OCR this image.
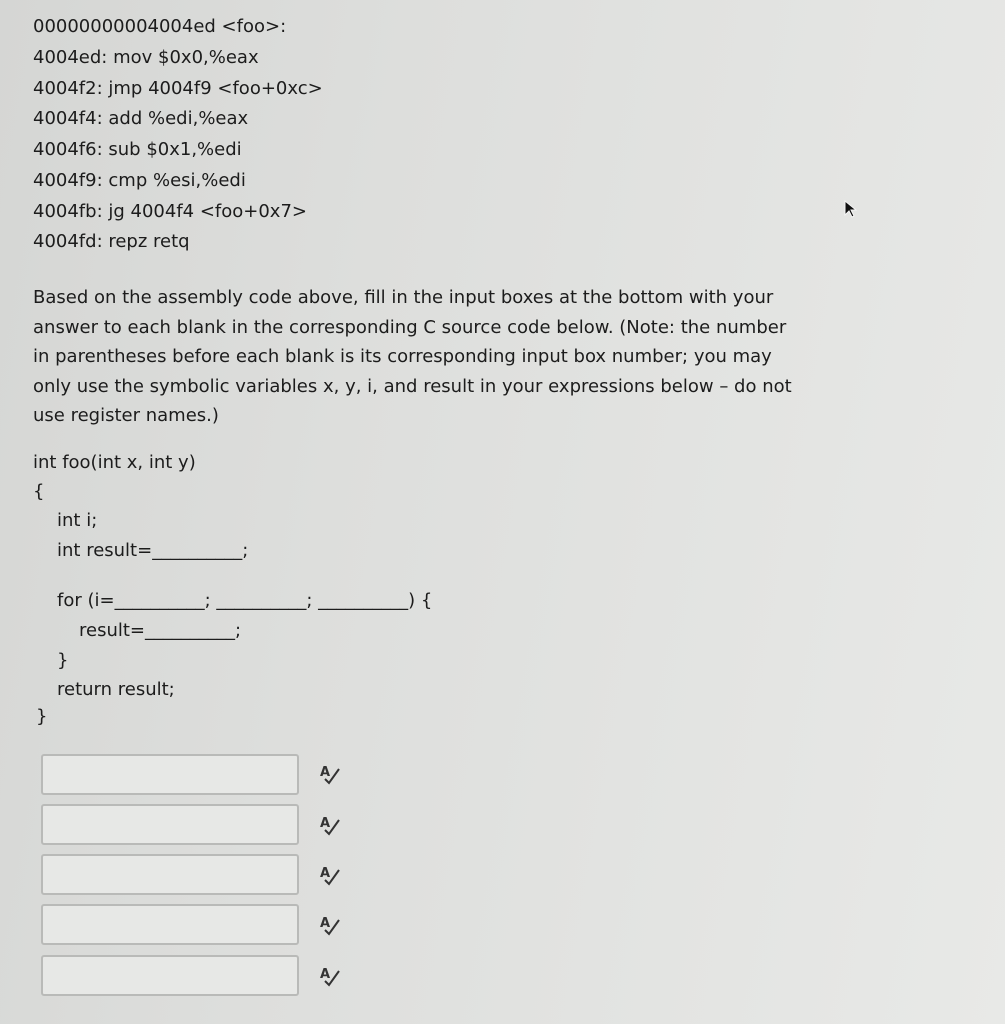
00000000004004ed <foo>:
4004ed: mov $0x0,%eax
4004f2: jmp 4004f9 <foo+0xc>
4004f4: add %edi,%eax
4004f6: sub $0x1,%edi
4004f9: cmp %esi,%edi
4004fb: jg 4004f4 <foo+0x7>
4004fd: repz retq
Based on the assembly code above, fill in the input boxes at the bottom with your
answer to each blank in the corresponding C source code below. (Note: the number
in parentheses before each blank is its corresponding input box number; you may
only use the symbolic variables x, y, i, and result in your expressions below – do not
use register names.)
int foo(int x, int y)
{
int i;
int result=__________;
for (i=__________; __________; __________) {
result=__________;
}
return result;
}
A
A
A
A
A
